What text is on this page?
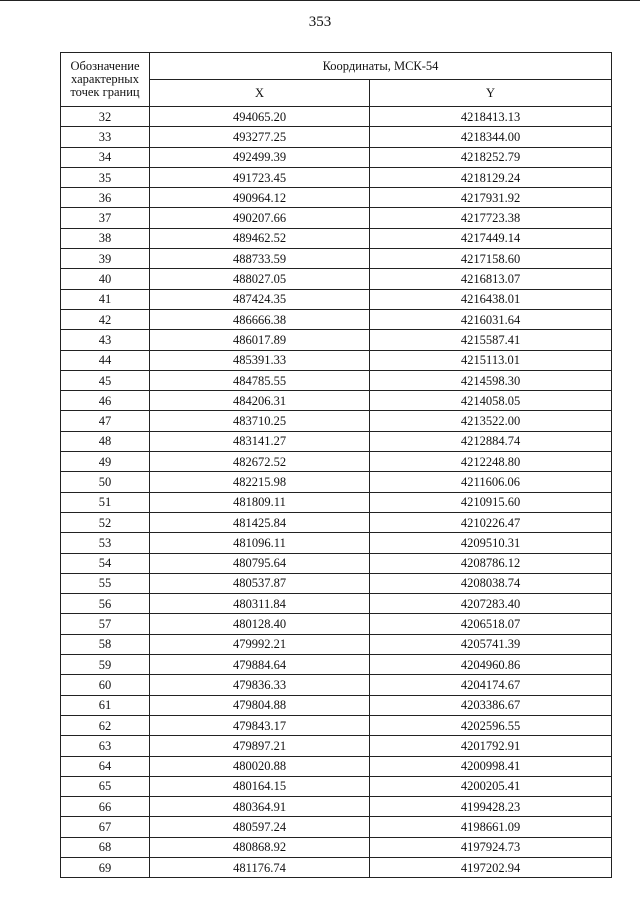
353
Обозначение характерных точек границ	Координаты, МСК-54	
	X	Y
32	494065.20	4218413.13
33	493277.25	4218344.00
34	492499.39	4218252.79
35	491723.45	4218129.24
36	490964.12	4217931.92
37	490207.66	4217723.38
38	489462.52	4217449.14
39	488733.59	4217158.60
40	488027.05	4216813.07
41	487424.35	4216438.01
42	486666.38	4216031.64
43	486017.89	4215587.41
44	485391.33	4215113.01
45	484785.55	4214598.30
46	484206.31	4214058.05
47	483710.25	4213522.00
48	483141.27	4212884.74
49	482672.52	4212248.80
50	482215.98	4211606.06
51	481809.11	4210915.60
52	481425.84	4210226.47
53	481096.11	4209510.31
54	480795.64	4208786.12
55	480537.87	4208038.74
56	480311.84	4207283.40
57	480128.40	4206518.07
58	479992.21	4205741.39
59	479884.64	4204960.86
60	479836.33	4204174.67
61	479804.88	4203386.67
62	479843.17	4202596.55
63	479897.21	4201792.91
64	480020.88	4200998.41
65	480164.15	4200205.41
66	480364.91	4199428.23
67	480597.24	4198661.09
68	480868.92	4197924.73
69	481176.74	4197202.94
